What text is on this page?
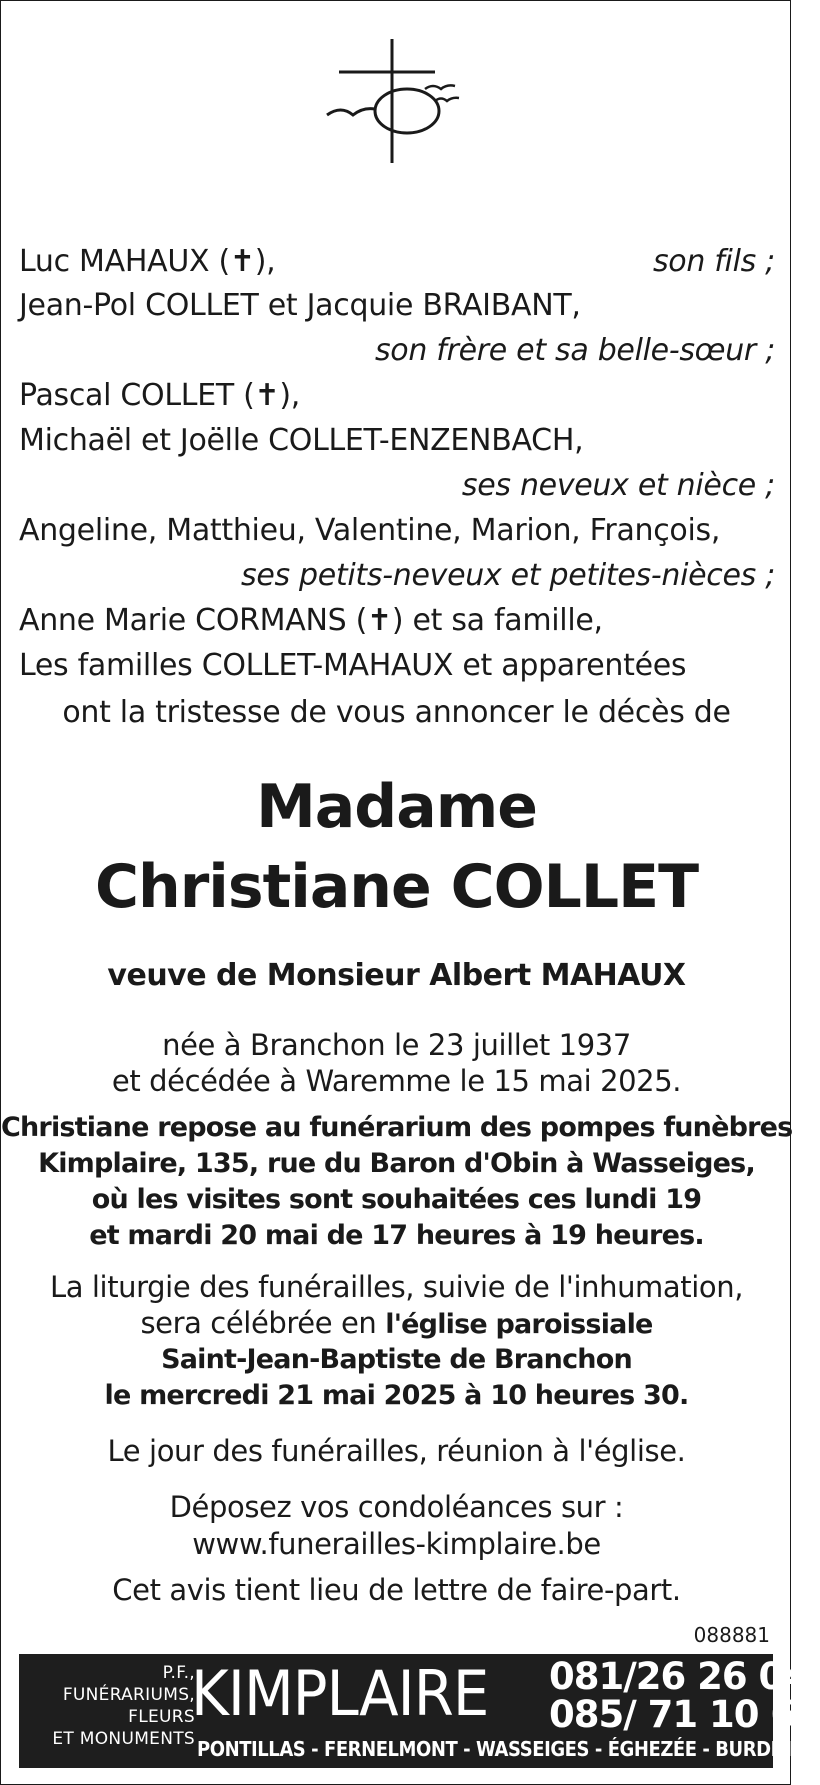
Luc MAHAUX (✝),	son fils ;
Jean-Pol COLLET et Jacquie BRAIBANT,
son frère et sa belle-sœur ;
Pascal COLLET (✝),
Michaël et Joëlle COLLET-ENZENBACH,
ses neveux et nièce ;
Angeline, Matthieu, Valentine, Marion, François,
ses petits-neveux et petites-nièces ;
Anne Marie CORMANS (✝) et sa famille,
Les familles COLLET-MAHAUX et apparentées
ont la tristesse de vous annoncer le décès de
Madame
Christiane COLLET
veuve de Monsieur Albert MAHAUX
née à Branchon le 23 juillet 1937
et décédée à Waremme le 15 mai 2025.
Christiane repose au funérarium des pompes funèbres
Kimplaire, 135, rue du Baron d'Obin à Wasseiges,
où les visites sont souhaitées ces lundi 19
et mardi 20 mai de 17 heures à 19 heures.
La liturgie des funérailles, suivie de l'inhumation,
sera célébrée en l'église paroissiale
Saint-Jean-Baptiste de Branchon
le mercredi 21 mai 2025 à 10 heures 30.
Le jour des funérailles, réunion à l'église.
Déposez vos condoléances sur :
www.funerailles-kimplaire.be
Cet avis tient lieu de lettre de faire-part.
088881
P.F.,
FUNÉRARIUMS,
FLEURS
ET MONUMENTS
KIMPLAIRE 081/26 26 04
085/ 71 10 63
PONTILLAS - FERNELMONT - WASSEIGES - ÉGHEZÉE - BURDINNE
